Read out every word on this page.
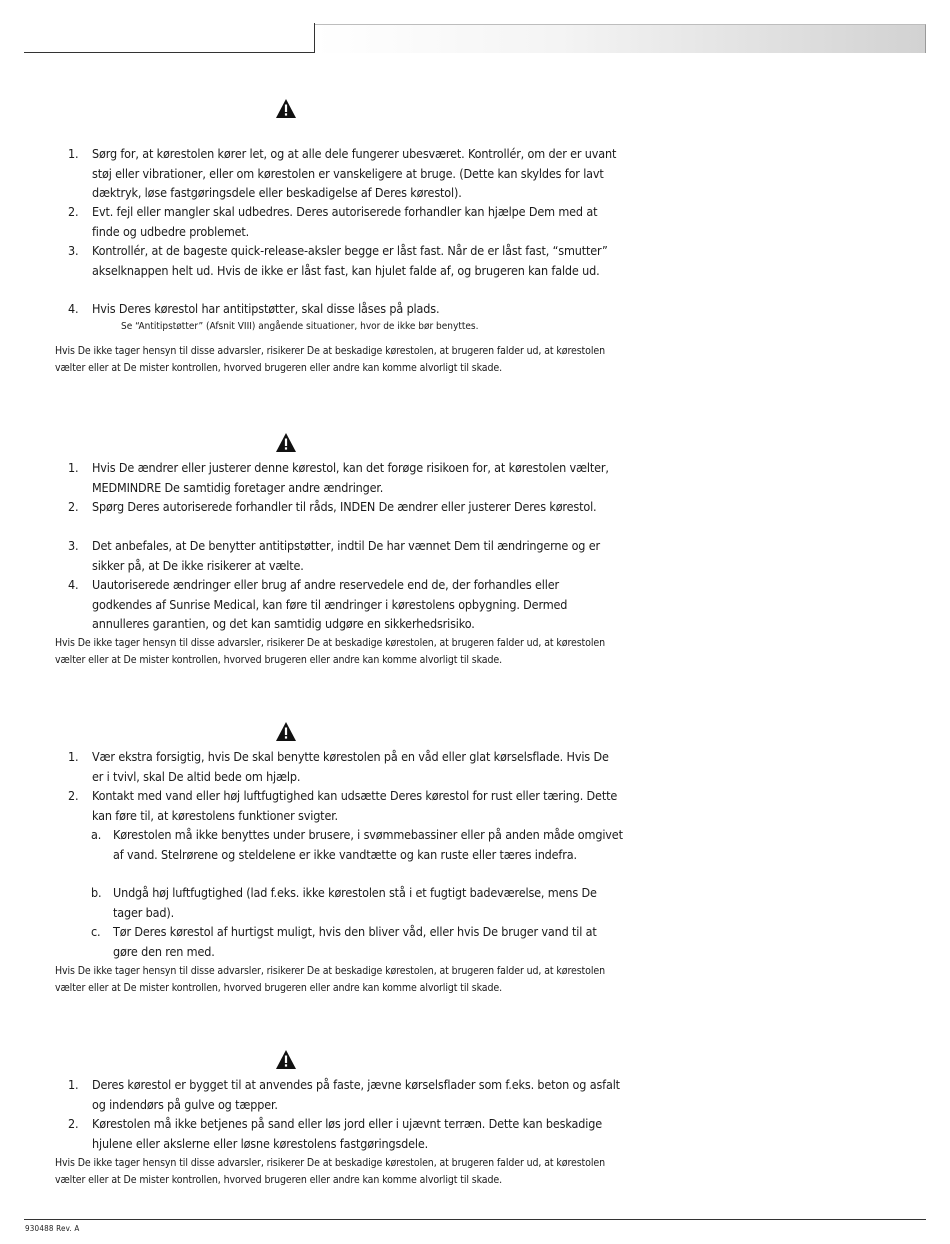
1.	Sørg for, at kørestolen kører let, og at alle dele fungerer ubesværet. Kontrollér, om der er uvant støj eller vibrationer, eller om kørestolen er vanskeligere at bruge. (Dette kan skyldes for lavt dæktryk, løse fastgøringsdele eller beskadigelse af Deres kørestol).
2.	Evt. fejl eller mangler skal udbedres. Deres autoriserede forhandler kan hjælpe Dem med at finde og udbedre problemet.
3.	Kontrollér, at de bageste quick-release-aksler begge er låst fast. Når de er låst fast, “smutter” akselknappen helt ud. Hvis de ikke er låst fast, kan hjulet falde af, og brugeren kan falde ud.
4.	Hvis Deres kørestol har antitipstøtter, skal disse låses på plads.
Se “Antitipstøtter” (Afsnit VIII) angående situationer, hvor de ikke bør benyttes.
Hvis De ikke tager hensyn til disse advarsler, risikerer De at beskadige kørestolen, at brugeren falder ud, at kørestolen vælter eller at De mister kontrollen, hvorved brugeren eller andre kan komme alvorligt til skade.
1.	Hvis De ændrer eller justerer denne kørestol, kan det forøge risikoen for, at kørestolen vælter, MEDMINDRE De samtidig foretager andre ændringer.
2.	Spørg Deres autoriserede forhandler til råds, INDEN De ændrer eller justerer Deres kørestol.
3.	Det anbefales, at De benytter antitipstøtter, indtil De har vænnet Dem til ændringerne og er sikker på, at De ikke risikerer at vælte.
4.	Uautoriserede ændringer eller brug af andre reservedele end de, der forhandles eller godkendes af Sunrise Medical, kan føre til ændringer i kørestolens opbygning. Dermed annulleres garantien, og det kan samtidig udgøre en sikkerhedsrisiko.
Hvis De ikke tager hensyn til disse advarsler, risikerer De at beskadige kørestolen, at brugeren falder ud, at kørestolen vælter eller at De mister kontrollen, hvorved brugeren eller andre kan komme alvorligt til skade.
1.	Vær ekstra forsigtig, hvis De skal benytte kørestolen på en våd eller glat kørselsflade. Hvis De er i tvivl, skal De altid bede om hjælp.
2.	Kontakt med vand eller høj luftfugtighed kan udsætte Deres kørestol for rust eller tæring. Dette kan føre til, at kørestolens funktioner svigter.
a. Kørestolen må ikke benyttes under brusere, i svømmebassiner eller på anden måde omgivet af vand. Stelrørene og steldelene er ikke vandtætte og kan ruste eller tæres indefra.
b. Undgå høj luftfugtighed (lad f.eks. ikke kørestolen stå i et fugtigt badeværelse, mens De tager bad).
c.	Tør Deres kørestol af hurtigst muligt, hvis den bliver våd, eller hvis De bruger vand til at gøre den ren med.
Hvis De ikke tager hensyn til disse advarsler, risikerer De at beskadige kørestolen, at brugeren falder ud, at kørestolen vælter eller at De mister kontrollen, hvorved brugeren eller andre kan komme alvorligt til skade.
1.	Deres kørestol er bygget til at anvendes på faste, jævne kørselsflader som f.eks. beton og asfalt og indendørs på gulve og tæpper.
2.	Kørestolen må ikke betjenes på sand eller løs jord eller i ujævnt terræn. Dette kan beskadige hjulene eller akslerne eller løsne kørestolens fastgøringsdele.
Hvis De ikke tager hensyn til disse advarsler, risikerer De at beskadige kørestolen, at brugeren falder ud, at kørestolen vælter eller at De mister kontrollen, hvorved brugeren eller andre kan komme alvorligt til skade.
930488 Rev. A
